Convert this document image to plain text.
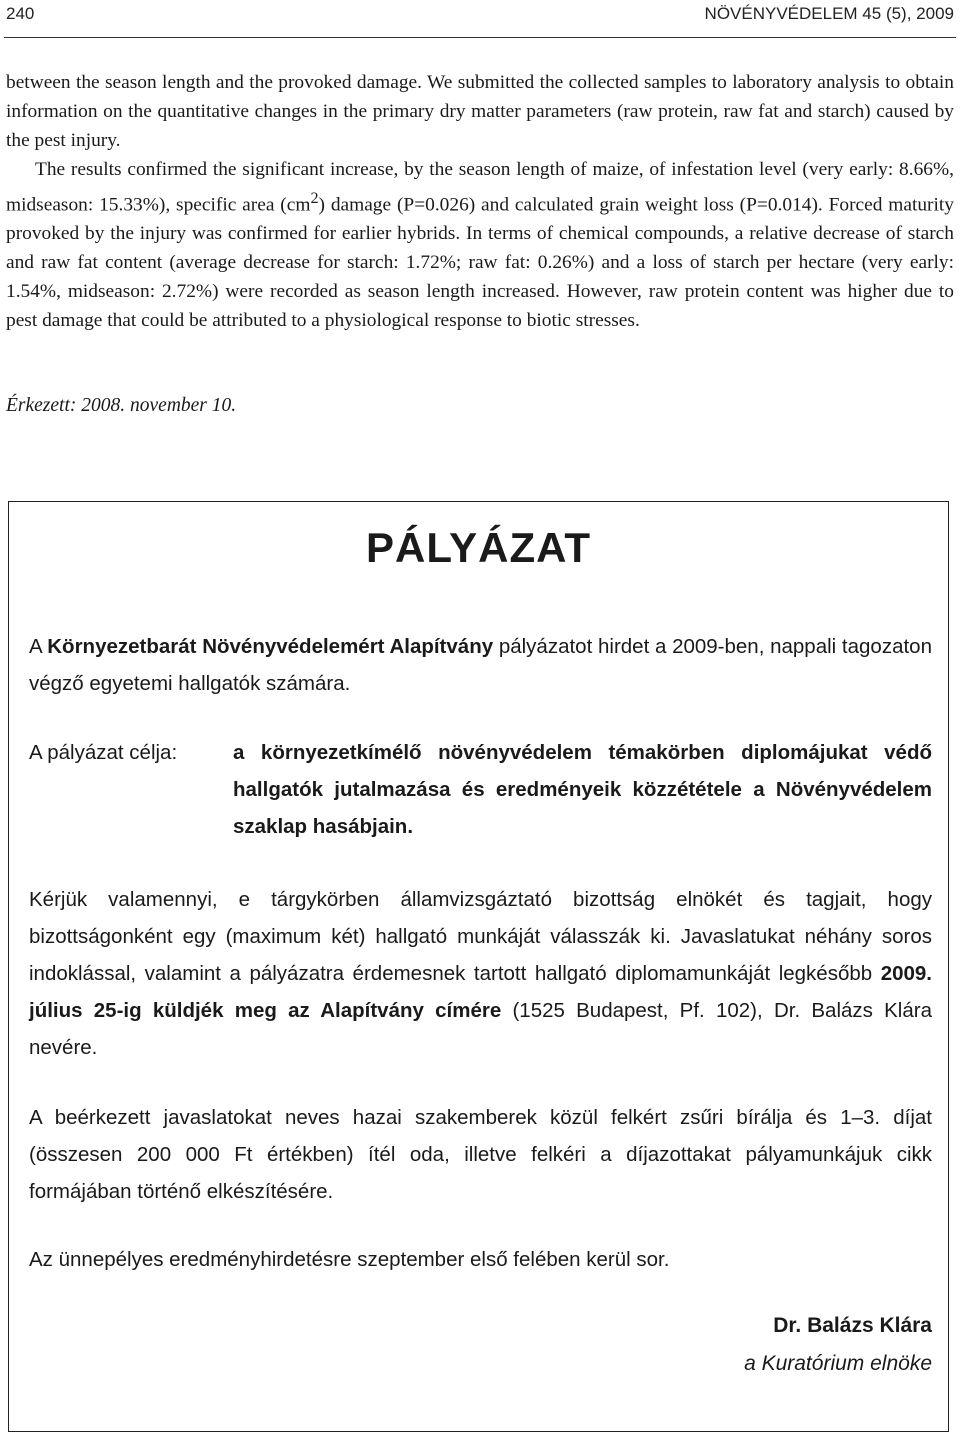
240	NÖVÉNYVÉDELEM 45 (5), 2009

between the season length and the provoked damage. We submitted the collected samples to laboratory analysis to obtain information on the quantitative changes in the primary dry matter parameters (raw protein, raw fat and starch) caused by the pest injury.

The results confirmed the significant increase, by the season length of maize, of infestation level (very early: 8.66%, midseason: 15.33%), specific area $(cm^2)$ damage (P=0.026) and calculated grain weight loss (P=0.014). Forced maturity provoked by the injury was confirmed for earlier hybrids. In terms of chemical compounds, a relative decrease of starch and raw fat content (average decrease for starch: 1.72%; raw fat: 0.26%) and a loss of starch per hectare (very early: 1.54%, midseason: 2.72%) were recorded as season length increased. However, raw protein content was higher due to pest damage that could be attributed to a physiological response to biotic stresses.

Érkezett: 2008. november 10.
PÁLYÁZAT
A Környezetbarát Növényvédelemért Alapítvány pályázatot hirdet a 2009-ben, nappali tagozaton végző egyetemi hallgatók számára.
A pályázat célja:	a környezetkímélő növényvédelem témakörben diplomájukat védő hallgatók jutalmazása és eredményeik közzététele a Növényvédelem szaklap hasábjain.
Kérjük valamennyi, e tárgykörben államvizsgáztató bizottság elnökét és tagjait, hogy bizottságonként egy (maximum két) hallgató munkáját válasszák ki. Javaslatukat néhány soros indoklással, valamint a pályázatra érdemesnek tartott hallgató diplomamunkáját legkésőbb 2009. július 25-ig küldjék meg az Alapítvány címére (1525 Budapest, Pf. 102), Dr. Balázs Klára nevére.
A beérkezett javaslatokat neves hazai szakemberek közül felkért zsűri bírálja és 1–3. díjat (összesen 200 000 Ft értékben) ítél oda, illetve felkéri a díjazottakat pályamunkájuk cikk formájában történő elkészítésére.
Az ünnepélyes eredményhirdetésre szeptember első felében kerül sor.
Dr. Balázs Klára
a Kuratórium elnöke
